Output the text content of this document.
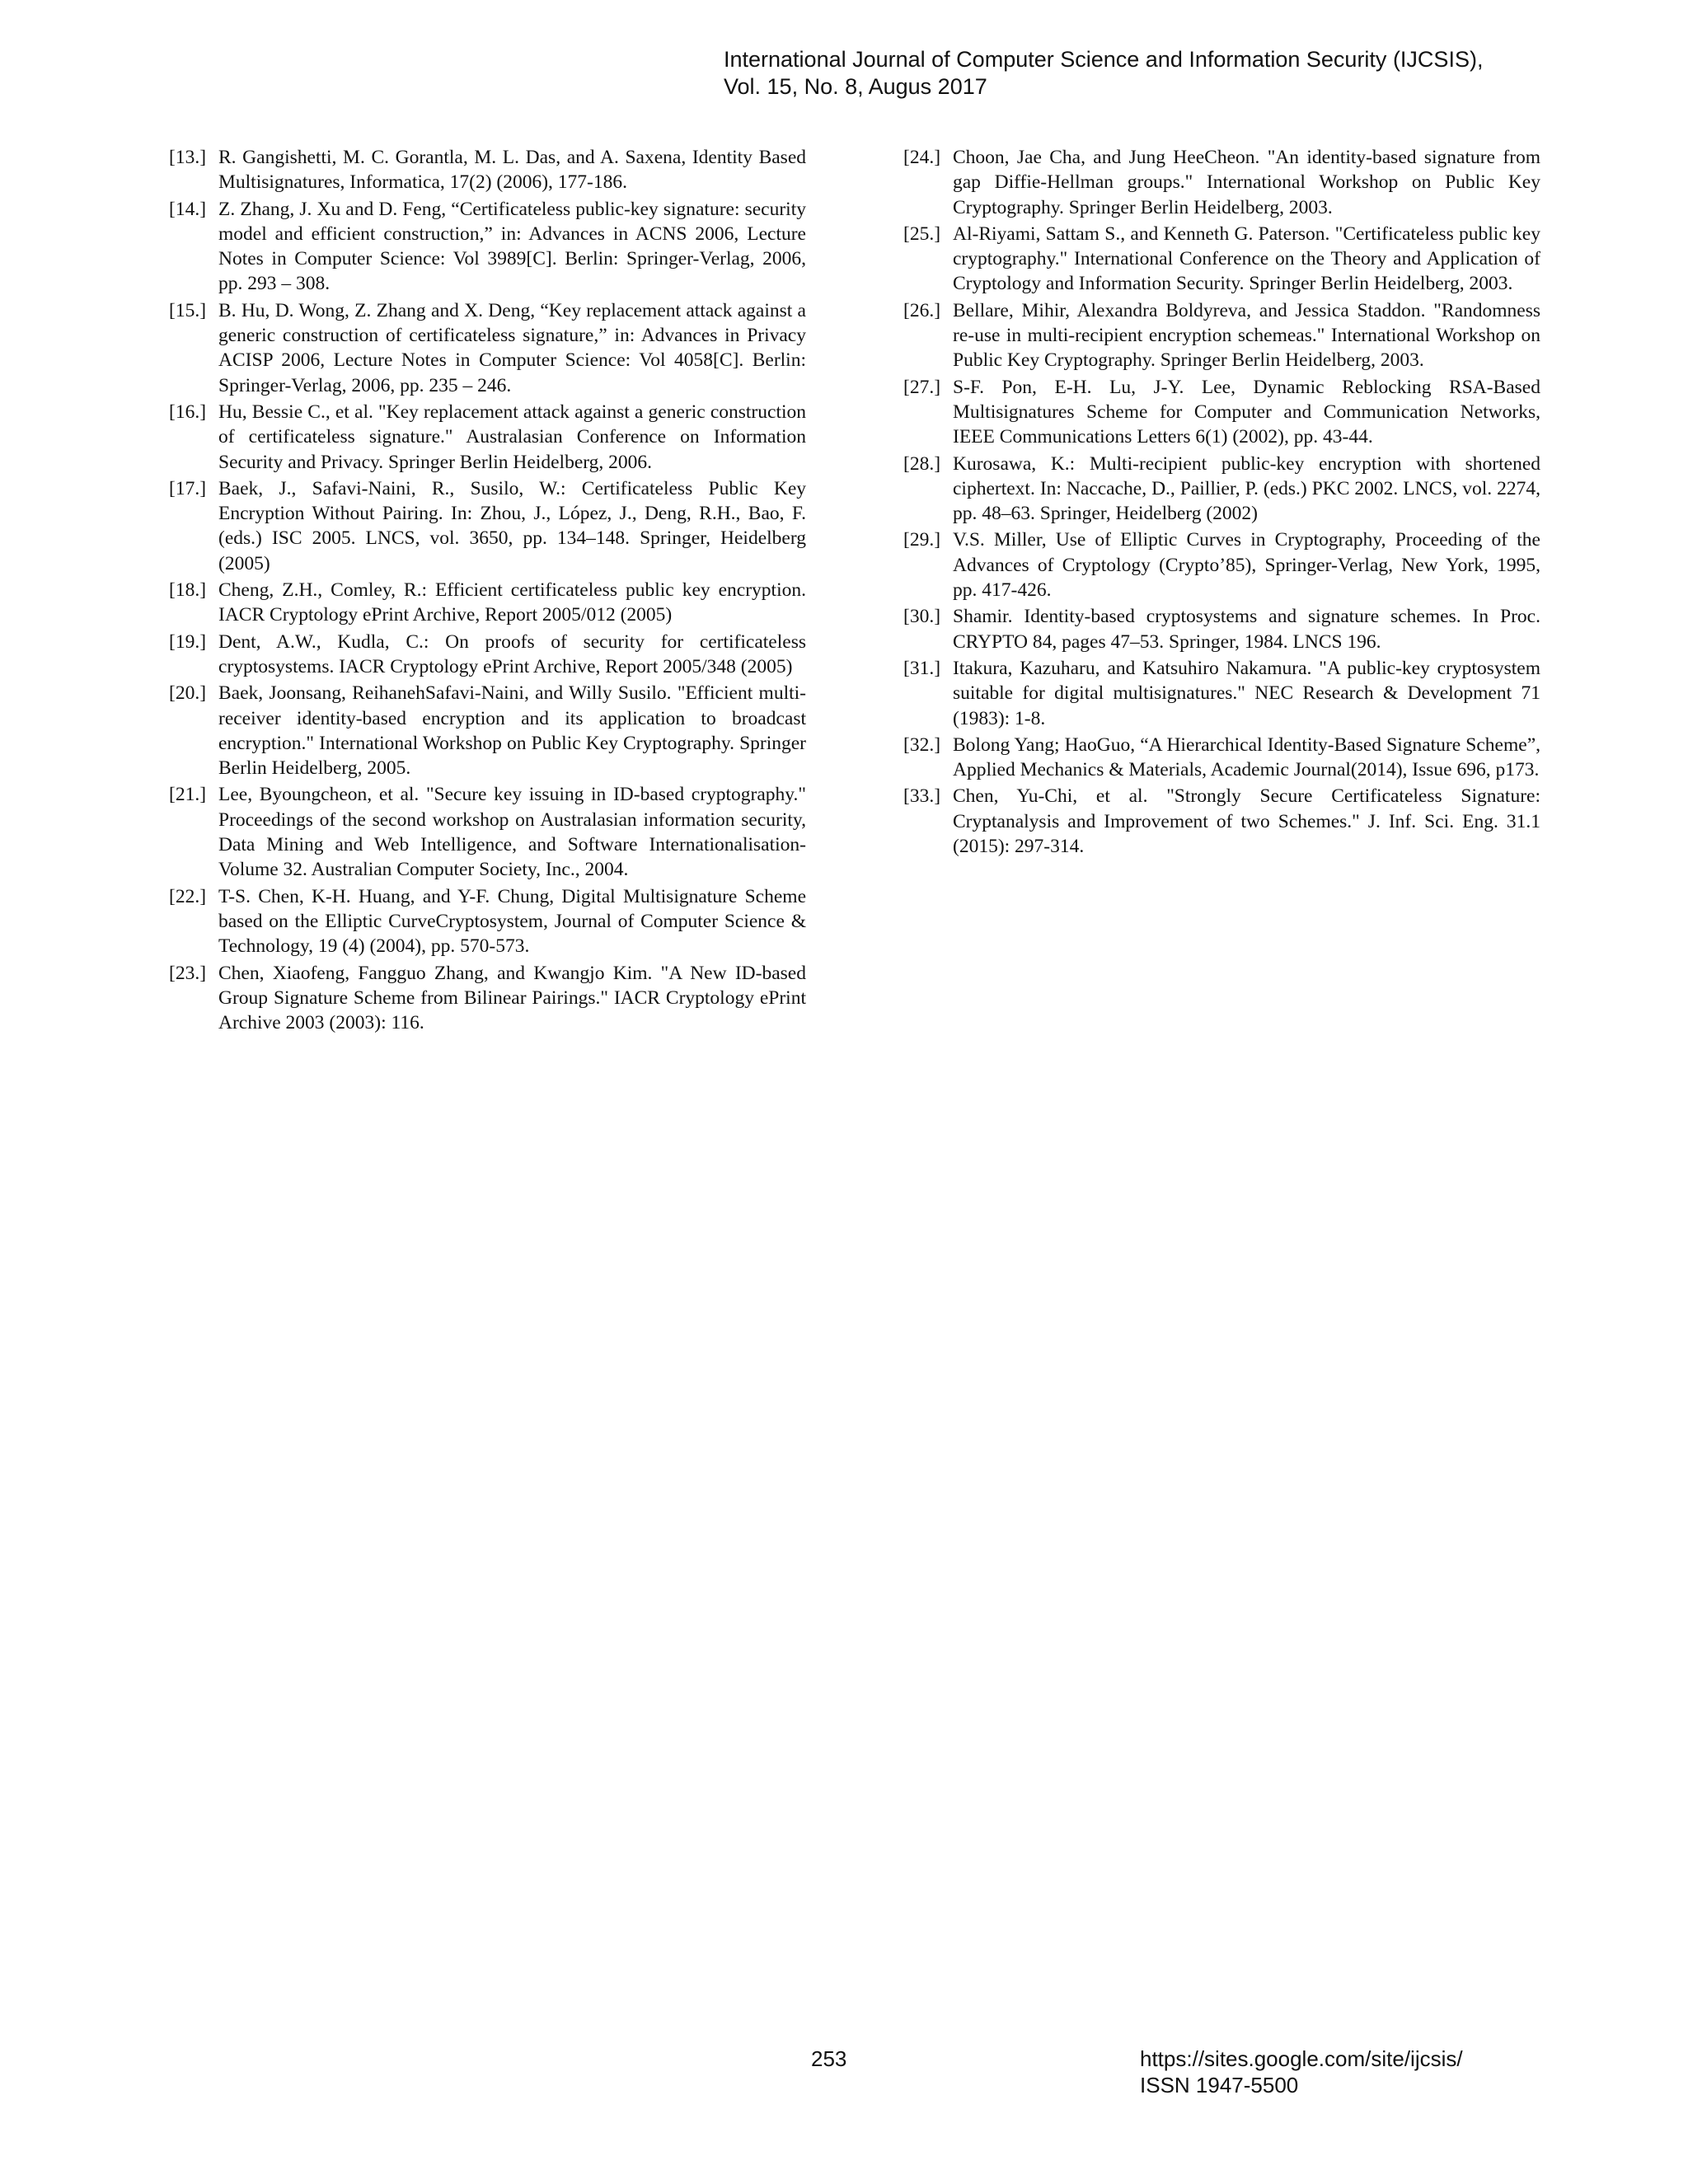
International Journal of Computer Science and Information Security (IJCSIS),
Vol. 15, No. 8, Augus 2017
[13.] R. Gangishetti, M. C. Gorantla, M. L. Das, and A. Saxena, Identity Based Multisignatures, Informatica, 17(2) (2006), 177-186.
[14.] Z. Zhang, J. Xu and D. Feng, “Certificateless public-key signature: security model and efficient construction,” in: Advances in ACNS 2006, Lecture Notes in Computer Science: Vol 3989[C]. Berlin: Springer-Verlag, 2006, pp. 293 – 308.
[15.] B. Hu, D. Wong, Z. Zhang and X. Deng, “Key replacement attack against a generic construction of certificateless signature,” in: Advances in Privacy ACISP 2006, Lecture Notes in Computer Science: Vol 4058[C]. Berlin: Springer-Verlag, 2006, pp. 235 – 246.
[16.] Hu, Bessie C., et al. "Key replacement attack against a generic construction of certificateless signature." Australasian Conference on Information Security and Privacy. Springer Berlin Heidelberg, 2006.
[17.] Baek, J., Safavi-Naini, R., Susilo, W.: Certificateless Public Key Encryption Without Pairing. In: Zhou, J., López, J., Deng, R.H., Bao, F. (eds.) ISC 2005. LNCS, vol. 3650, pp. 134–148. Springer, Heidelberg (2005)
[18.] Cheng, Z.H., Comley, R.: Efficient certificateless public key encryption. IACR Cryptology ePrint Archive, Report 2005/012 (2005)
[19.] Dent, A.W., Kudla, C.: On proofs of security for certificateless cryptosystems. IACR Cryptology ePrint Archive, Report 2005/348 (2005)
[20.] Baek, Joonsang, ReihanehSafavi-Naini, and Willy Susilo. "Efficient multi-receiver identity-based encryption and its application to broadcast encryption." International Workshop on Public Key Cryptography. Springer Berlin Heidelberg, 2005.
[21.] Lee, Byoungcheon, et al. "Secure key issuing in ID-based cryptography." Proceedings of the second workshop on Australasian information security, Data Mining and Web Intelligence, and Software Internationalisation-Volume 32. Australian Computer Society, Inc., 2004.
[22.] T-S. Chen, K-H. Huang, and Y-F. Chung, Digital Multisignature Scheme based on the Elliptic CurveCryptosystem, Journal of Computer Science & Technology, 19 (4) (2004), pp. 570-573.
[23.] Chen, Xiaofeng, Fangguo Zhang, and Kwangjo Kim. "A New ID-based Group Signature Scheme from Bilinear Pairings." IACR Cryptology ePrint Archive 2003 (2003): 116.
[24.] Choon, Jae Cha, and Jung HeeCheon. "An identity-based signature from gap Diffie-Hellman groups." International Workshop on Public Key Cryptography. Springer Berlin Heidelberg, 2003.
[25.] Al-Riyami, Sattam S., and Kenneth G. Paterson. "Certificateless public key cryptography." International Conference on the Theory and Application of Cryptology and Information Security. Springer Berlin Heidelberg, 2003.
[26.] Bellare, Mihir, Alexandra Boldyreva, and Jessica Staddon. "Randomness re-use in multi-recipient encryption schemeas." International Workshop on Public Key Cryptography. Springer Berlin Heidelberg, 2003.
[27.] S-F. Pon, E-H. Lu, J-Y. Lee, Dynamic Reblocking RSA-Based Multisignatures Scheme for Computer and Communication Networks, IEEE Communications Letters 6(1) (2002), pp. 43-44.
[28.] Kurosawa, K.: Multi-recipient public-key encryption with shortened ciphertext. In: Naccache, D., Paillier, P. (eds.) PKC 2002. LNCS, vol. 2274, pp. 48–63. Springer, Heidelberg (2002)
[29.] V.S. Miller, Use of Elliptic Curves in Cryptography, Proceeding of the Advances of Cryptology (Crypto’85), Springer-Verlag, New York, 1995, pp. 417-426.
[30.] Shamir. Identity-based cryptosystems and signature schemes. In Proc. CRYPTO 84, pages 47–53. Springer, 1984. LNCS 196.
[31.] Itakura, Kazuharu, and Katsuhiro Nakamura. "A public-key cryptosystem suitable for digital multisignatures." NEC Research & Development 71 (1983): 1-8.
[32.] Bolong Yang; HaoGuo, “A Hierarchical Identity-Based Signature Scheme”, Applied Mechanics & Materials, Academic Journal(2014), Issue 696, p173.
[33.] Chen, Yu-Chi, et al. "Strongly Secure Certificateless Signature: Cryptanalysis and Improvement of two Schemes." J. Inf. Sci. Eng. 31.1 (2015): 297-314.
253	https://sites.google.com/site/ijcsis/
ISSN 1947-5500
